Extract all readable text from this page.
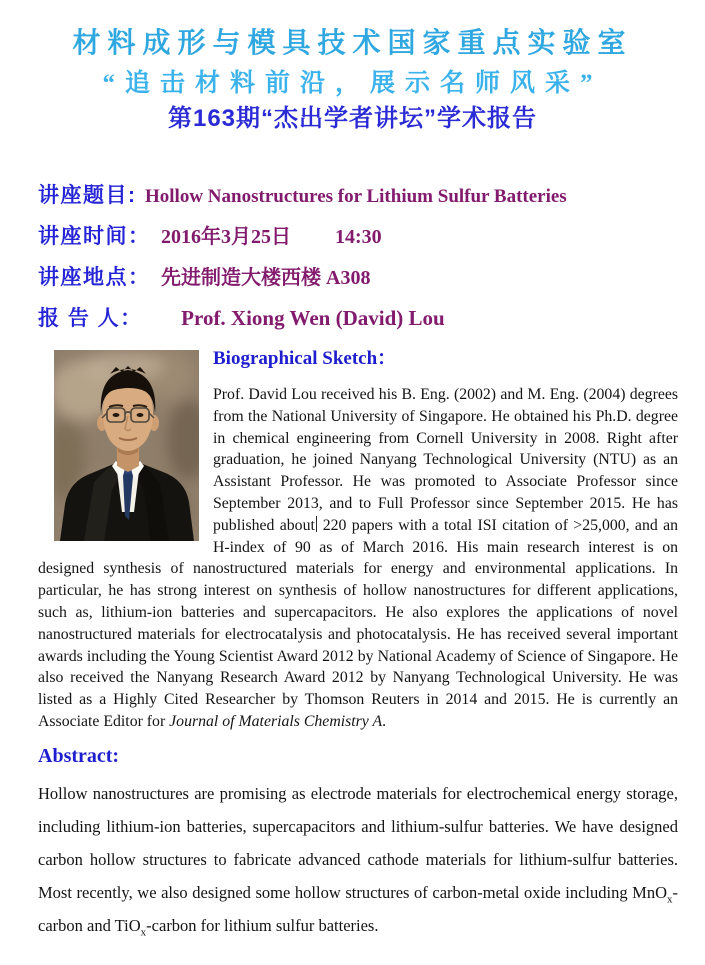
材料成形与模具技术国家重点实验室
“追击材料前沿，展示名师风采”
第163期“杰出学者讲坛”学术报告
讲座题目: Hollow Nanostructures for Lithium Sulfur Batteries
讲座时间： 2016年3月25日 14:30
讲座地点： 先进制造大楼西楼 A308
报 告 人： Prof. Xiong Wen (David) Lou
Biographical Sketch：

Prof. David Lou received his B. Eng. (2002) and M. Eng. (2004) degrees from the National University of Singapore. He obtained his Ph.D. degree in chemical engineering from Cornell University in 2008. Right after graduation, he joined Nanyang Technological University (NTU) as an Assistant Professor. He was promoted to Associate Professor since September 2013, and to Full Professor since September 2015. He has published about 220 papers with a total ISI citation of >25,000, and an H-index of 90 as of March 2016. His main research interest is on designed synthesis of nanostructured materials for energy and environmental applications. In particular, he has strong interest on synthesis of hollow nanostructures for different applications, such as, lithium-ion batteries and supercapacitors. He also explores the applications of novel nanostructured materials for electrocatalysis and photocatalysis. He has received several important awards including the Young Scientist Award 2012 by National Academy of Science of Singapore. He also received the Nanyang Research Award 2012 by Nanyang Technological University. He was listed as a Highly Cited Researcher by Thomson Reuters in 2014 and 2015. He is currently an Associate Editor for Journal of Materials Chemistry A.

Abstract:

Hollow nanostructures are promising as electrode materials for electrochemical energy storage, including lithium-ion batteries, supercapacitors and lithium-sulfur batteries. We have designed carbon hollow structures to fabricate advanced cathode materials for lithium-sulfur batteries. Most recently, we also designed some hollow structures of carbon-metal oxide including MnO$_x$-carbon and TiO$_x$-carbon for lithium sulfur batteries.
